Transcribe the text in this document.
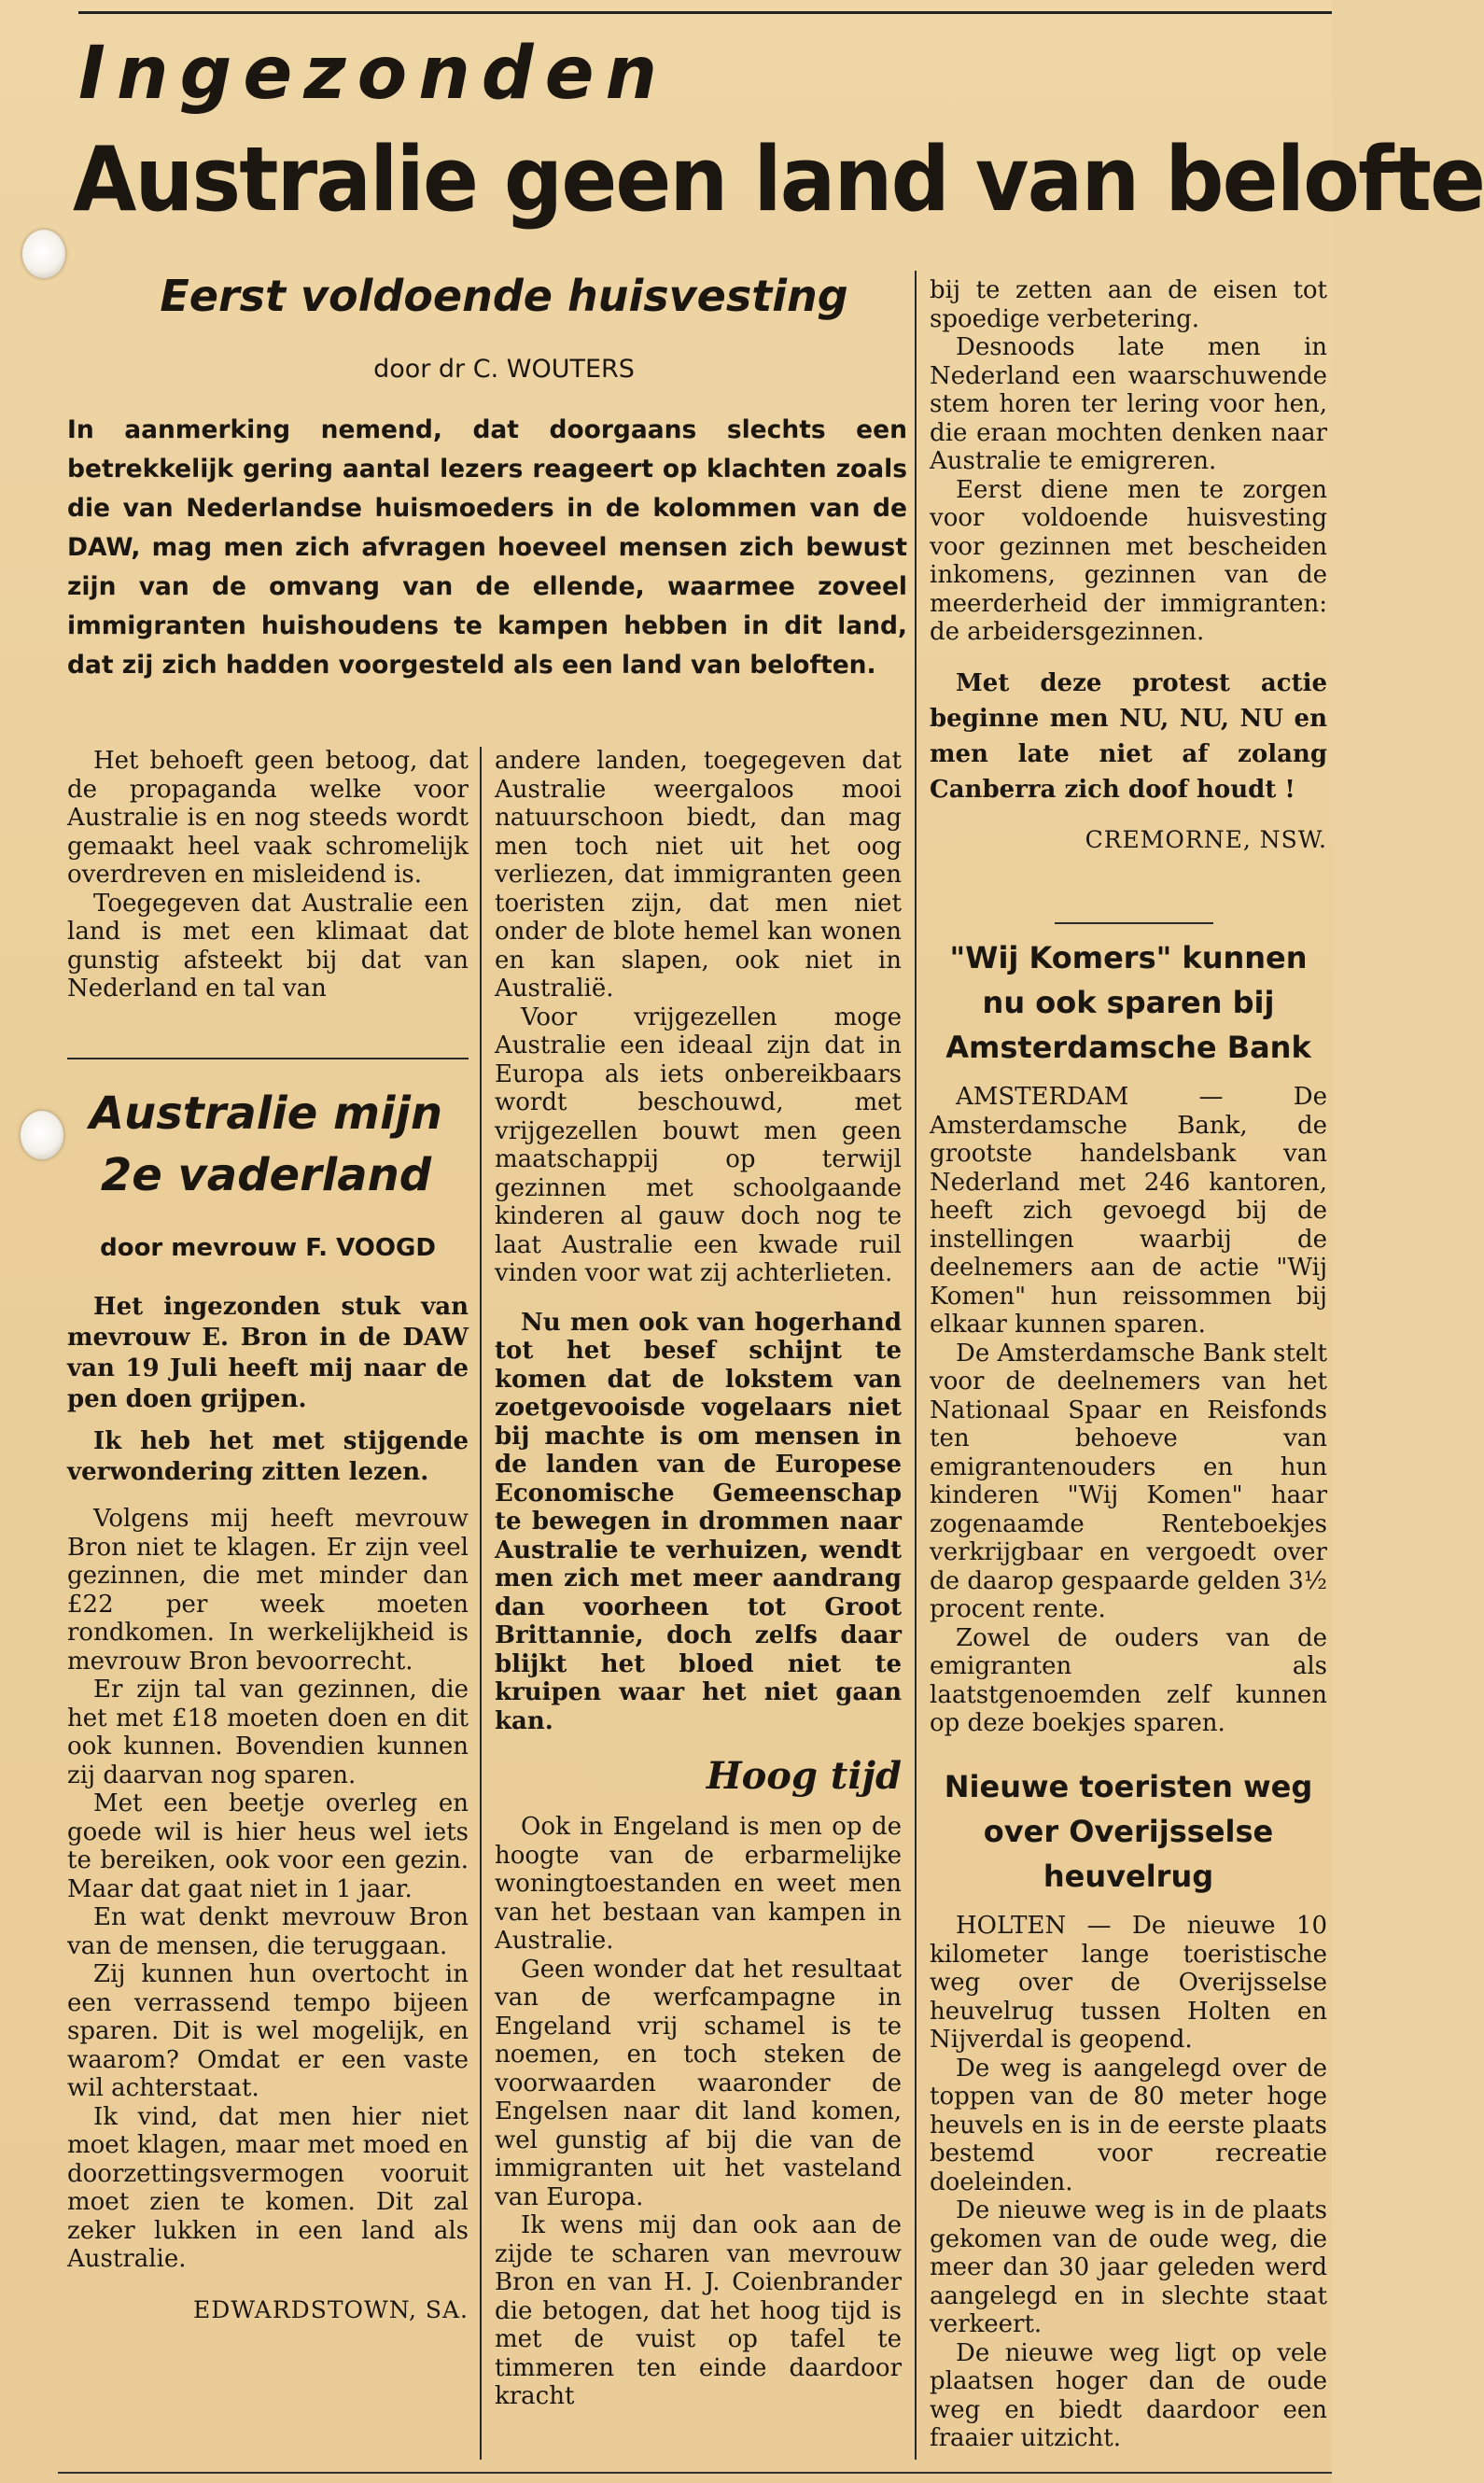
Ingezonden
Australie geen land van belofte
Eerst voldoende huisvesting

door dr C. WOUTERS

In aanmerking nemend, dat doorgaans slechts een betrekkelijk gering aantal lezers reageert op klachten zoals die van Nederlandse huismoeders in de kolommen van de DAW, mag men zich afvragen hoeveel mensen zich bewust zijn van de omvang van de ellende, waarmee zoveel immigranten huishoudens te kampen hebben in dit land, dat zij zich hadden voorgesteld als een land van beloften.

Het behoeft geen betoog, dat de propaganda welke voor Australie is en nog steeds wordt gemaakt heel vaak schromelijk overdreven en misleidend is.

Toegegeven dat Australie een land is met een klimaat dat gunstig afsteekt bij dat van Nederland en tal van

Australie mijn 2e vaderland

door mevrouw F. VOOGD

Het ingezonden stuk van mevrouw E. Bron in de DAW van 19 Juli heeft mij naar de pen doen grijpen.

Ik heb het met stijgende verwondering zitten lezen.

Volgens mij heeft mevrouw Bron niet te klagen. Er zijn veel gezinnen, die met minder dan £22 per week moeten rondkomen. In werkelijkheid is mevrouw Bron bevoorrecht.

Er zijn tal van gezinnen, die het met £18 moeten doen en dit ook kunnen. Bovendien kunnen zij daarvan nog sparen.

Met een beetje overleg en goede wil is hier heus wel iets te bereiken, ook voor een gezin. Maar dat gaat niet in 1 jaar.

En wat denkt mevrouw Bron van de mensen, die teruggaan.

Zij kunnen hun overtocht in een verrassend tempo bijeen sparen. Dit is wel mogelijk, en waarom? Omdat er een vaste wil achterstaat.

Ik vind, dat men hier niet moet klagen, maar met moed en doorzettingsvermogen vooruit moet zien te komen. Dit zal zeker lukken in een land als Australie.

EDWARDSTOWN, SA.

andere landen, toegegeven dat Australie weergaloos mooi natuurschoon biedt, dan mag men toch niet uit het oog verliezen, dat immigranten geen toeristen zijn, dat men niet onder de blote hemel kan wonen en kan slapen, ook niet in Australië.

Voor vrijgezellen moge Australie een ideaal zijn dat in Europa als iets onbereikbaars wordt beschouwd, met vrijgezellen bouwt men geen maatschappij op terwijl gezinnen met schoolgaande kinderen al gauw doch nog te laat Australie een kwade ruil vinden voor wat zij achterlieten.

Nu men ook van hogerhand tot het besef schijnt te komen dat de lokstem van zoetgevooisde vogelaars niet bij machte is om mensen in de landen van de Europese Economische Gemeenschap te bewegen in drommen naar Australie te verhuizen, wendt men zich met meer aandrang dan voorheen tot Groot Brittannie, doch zelfs daar blijkt het bloed niet te kruipen waar het niet gaan kan.

Hoog tijd

Ook in Engeland is men op de hoogte van de erbarmelijke woningtoestanden en weet men van het bestaan van kampen in Australie.

Geen wonder dat het resultaat van de werfcampagne in Engeland vrij schamel is te noemen, en toch steken de voorwaarden waaronder de Engelsen naar dit land komen, wel gunstig af bij die van de immigranten uit het vasteland van Europa.

Ik wens mij dan ook aan de zijde te scharen van mevrouw Bron en van H. J. Coienbrander die betogen, dat het hoog tijd is met de vuist op tafel te timmeren ten einde daardoor kracht

bij te zetten aan de eisen tot spoedige verbetering.

Desnoods late men in Nederland een waarschuwende stem horen ter lering voor hen, die eraan mochten denken naar Australie te emigreren.

Eerst diene men te zorgen voor voldoende huisvesting voor gezinnen met bescheiden inkomens, gezinnen van de meerderheid der immigranten: de arbeidersgezinnen.

Met deze protest actie beginne men NU, NU, NU en men late niet af zolang Canberra zich doof houdt !

CREMORNE, NSW.

"Wij Komers" kunnen nu ook sparen bij Amsterdamsche Bank

AMSTERDAM — De Amsterdamsche Bank, de grootste handelsbank van Nederland met 246 kantoren, heeft zich gevoegd bij de instellingen waarbij de deelnemers aan de actie "Wij Komen" hun reissommen bij elkaar kunnen sparen.

De Amsterdamsche Bank stelt voor de deelnemers van het Nationaal Spaar en Reisfonds ten behoeve van emigrantenouders en hun kinderen "Wij Komen" haar zogenaamde Renteboekjes verkrijgbaar en vergoedt over de daarop gespaarde gelden 3½ procent rente.

Zowel de ouders van de emigranten als laatstgenoemden zelf kunnen op deze boekjes sparen.

Nieuwe toeristen weg over Overijsselse heuvelrug

HOLTEN — De nieuwe 10 kilometer lange toeristische weg over de Overijsselse heuvelrug tussen Holten en Nijverdal is geopend.

De weg is aangelegd over de toppen van de 80 meter hoge heuvels en is in de eerste plaats bestemd voor recreatie doeleinden.

De nieuwe weg is in de plaats gekomen van de oude weg, die meer dan 30 jaar geleden werd aangelegd en in slechte staat verkeert.

De nieuwe weg ligt op vele plaatsen hoger dan de oude weg en biedt daardoor een fraaier uitzicht.
